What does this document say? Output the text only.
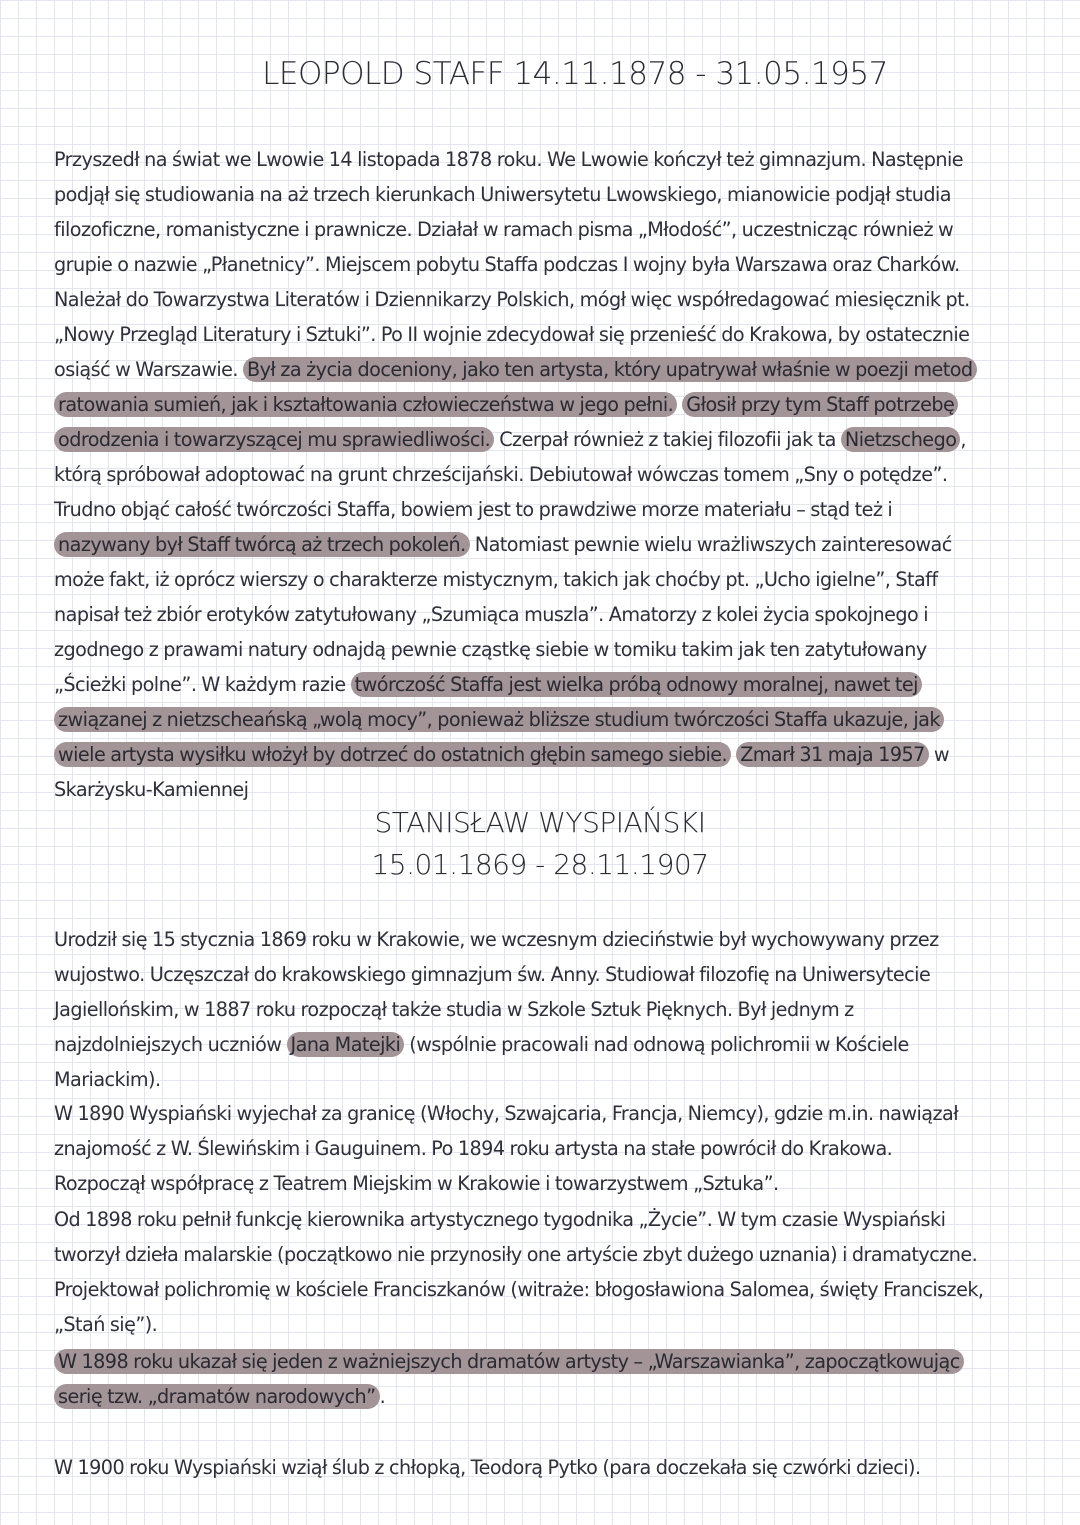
LEOPOLD STAFF 14.11.1878 - 31.05.1957

Przyszedł na świat we Lwowie 14 listopada 1878 roku. We Lwowie kończył też gimnazjum. Następnie podjął się studiowania na aż trzech kierunkach Uniwersytetu Lwowskiego, mianowicie podjął studia filozoficzne, romanistyczne i prawnicze. Działał w ramach pisma „Młodość”, uczestnicząc również w grupie o nazwie „Płanetnicy”. Miejscem pobytu Staffa podczas I wojny była Warszawa oraz Charków. Należał do Towarzystwa Literatów i Dziennikarzy Polskich, mógł więc współredagować miesięcznik pt. „Nowy Przegląd Literatury i Sztuki”. Po II wojnie zdecydował się przenieść do Krakowa, by ostatecznie osiąść w Warszawie. Był za życia doceniony, jako ten artysta, który upatrywał właśnie w poezji metod ratowania sumień, jak i kształtowania człowieczeństwa w jego pełni. Głosił przy tym Staff potrzebę odrodzenia i towarzyszącej mu sprawiedliwości. Czerpał również z takiej filozofii jak ta Nietzschego , którą spróbował adoptować na grunt chrześcijański. Debiutował wówczas tomem „Sny o potędze”. Trudno objąć całość twórczości Staffa, bowiem jest to prawdziwe morze materiału – stąd też i nazywany był Staff twórcą aż trzech pokoleń. Natomiast pewnie wielu wrażliwszych zainteresować może fakt, iż oprócz wierszy o charakterze mistycznym, takich jak choćby pt. „Ucho igielne”, Staff napisał też zbiór erotyków zatytułowany „Szumiąca muszla”. Amatorzy z kolei życia spokojnego i zgodnego z prawami natury odnajdą pewnie cząstkę siebie w tomiku takim jak ten zatytułowany „Ścieżki polne”. W każdym razie twórczość Staffa jest wielka próbą odnowy moralnej, nawet tej związanej z nietzscheańską „wolą mocy”, ponieważ bliższe studium twórczości Staffa ukazuje, jak wiele artysta wysiłku włożył by dotrzeć do ostatnich głębin samego siebie. Zmarł 31 maja 1957 w Skarżysku-Kamiennej

STANISŁAW WYSPIAŃSKI
15.01.1869 - 28.11.1907

Urodził się 15 stycznia 1869 roku w Krakowie, we wczesnym dzieciństwie był wychowywany przez wujostwo. Uczęszczał do krakowskiego gimnazjum św. Anny. Studiował filozofię na Uniwersytecie Jagiellońskim, w 1887 roku rozpoczął także studia w Szkole Sztuk Pięknych. Był jednym z najzdolniejszych uczniów Jana Matejki (wspólnie pracowali nad odnową polichromii w Kościele Mariackim).

W 1890 Wyspiański wyjechał za granicę (Włochy, Szwajcaria, Francja, Niemcy), gdzie m.in. nawiązał znajomość z W. Ślewińskim i Gauguinem. Po 1894 roku artysta na stałe powrócił do Krakowa. Rozpoczął współpracę z Teatrem Miejskim w Krakowie i towarzystwem „Sztuka”.

Od 1898 roku pełnił funkcję kierownika artystycznego tygodnika „Życie”. W tym czasie Wyspiański tworzył dzieła malarskie (początkowo nie przynosiły one artyście zbyt dużego uznania) i dramatyczne. Projektował polichromię w kościele Franciszkanów (witraże: błogosławiona Salomea, święty Franciszek, „Stań się”).

W 1898 roku ukazał się jeden z ważniejszych dramatów artysty – „Warszawianka”, zapoczątkowując serię tzw. „dramatów narodowych” .

W 1900 roku Wyspiański wziął ślub z chłopką, Teodorą Pytko (para doczekała się czwórki dzieci).
